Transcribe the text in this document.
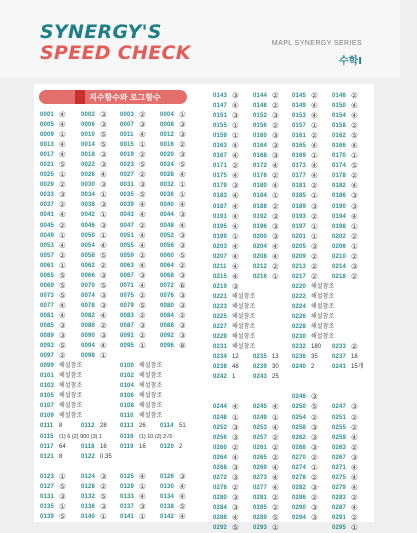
SYNERGY'S
SPEED CHECK	MAPL SYNERGY SERIES
수학Ⅰ
지수함수와 로그함수
0001 ④
0005 ④
0009 ①
0013 ④
0017 ④
0021 ⑤
0025 ①
0029 ②
0033 ③
0037 ②
0041 ④
0045 ②
0049 ①
0053 ④
0057 ②
0061 ①
0065 ⑤
0069 ⑤
0073 ⑤
0077 ④
0081 ④
0085 ③
0089 ③
0093 ⑤
0097 ②
0099 해설참조
0101 해설참조
0103 해설참조
0105 해설참조
0107 해설참조
0109 해설참조
0111 8
0115 (1) 6 (2) 900 (3) 1
0117 64
0121 8
0123 ①
0127 ⑤
0131 ③
0135 ①
0139 ⑤
0002 ③
0006 ③
0010 ⑤
0014 ⑤
0018 ③
0022 ③
0026 ④
0030 ③
0034 ①
0038 ③
0042 ①
0046 ③
0050 ①
0054 ④
0058 ⑤
0062 ②
0066 ③
0070 ⑤
0074 ③
0078 ③
0082 ④
0086 ②
0090 ③
0094 ④
0098 ①
0112 28
0118 16
0122 0.35
0124 ③
0128 ②
0132 ⑤
0136 ③
0140 ①
0003 ②
0007 ③
0011 ④
0015 ①
0019 ②
0023 ⑤
0027 ②
0031 ③
0035 ⑤
0039 ④
0043 ④
0047 ②
0051 ④
0055 ④
0059 ②
0063 ④
0067 ③
0071 ④
0075 ②
0079 ⑤
0083 ②
0087 ③
0091 ②
0095 ①
0100 해설참조
0102 해설참조
0104 해설참조
0106 해설참조
0108 해설참조
0110 해설참조
0113 26
0116 (1) 10 (2) 2√5
0119 16
0125 ④
0129 ①
0133 ④
0137 ③
0141 ①
0004 ①
0008 ③
0012 ③
0016 ②
0020 ③
0024 ⑤
0028 ④
0032 ①
0036 ①
0040 ④
0044 ③
0048 ④
0052 ③
0056 ③
0060 ⑤
0064 ②
0068 ③
0072 ⑥
0076 ③
0080 ③
0084 ②
0088 ③
0092 ③
0096 ⑧
0114 51
0120 2
0126 ③
0130 ④
0134 ④
0138 ⑤
0142 ④
0143 ③
0147 ④
0151 ③
0155 ①
0159 ①
0163 ④
0167 ④
0171 ②
0175 ④
0179 ③
0183 ④
0187 ④
0191 ④
0195 ④
0199 ①
0203 ④
0207 ④
0211 ④
0215 ④
0219 ③
0221 해설참조
0223 해설참조
0225 해설참조
0227 해설참조
0229 해설참조
0231 해설참조
0234 12
0238 48
0242 1
0244 ④
0248 ①
0252 ③
0256 ③
0260 ②
0264 ④
0268 ③
0272 ③
0276 ②
0280 ③
0284 ③
0288 ④
0292 ⑤
0144 ②
0148 ②
0152 ③
0156 ②
0160 ③
0164 ③
0168 ③
0172 ④
0176 ②
0180 ④
0184 ①
0188 ②
0192 ③
0196 ③
0200 ③
0204 ④
0208 ④
0212 ②
0216 ①
0235 13
0239 30
0243 25
0245 ④
0249 ①
0253 ④
0257 ②
0261 ②
0265 ②
0269 ④
0273 ④
0277 ④
0281 ②
0285 ②
0289 ⑤
0293 ①
0145 ②
0149 ④
0153 ④
0157 ①
0161 ②
0165 ④
0169 ①
0173 ④
0177 ④
0181 ②
0185 ①
0189 ③
0193 ②
0197 ①
0201 ①
0205 ③
0209 ②
0213 ②
0217 ②
0220 해설참조
0222 해설참조
0224 해설참조
0226 해설참조
0228 해설참조
0230 해설참조
0232 180
0236 35
0240 2
0246 ③
0250 ⑤
0254 ②
0258 ③
0262 ③
0266 ③
0270 ②
0274 ①
0278 ②
0282 ③
0286 ②
0290 ③
0294 ③
0146 ②
0150 ④
0154 ④
0158 ②
0162 ⑤
0166 ④
0170 ①
0174 ⑤
0178 ②
0182 ④
0186 ③
0190 ③
0194 ④
0198 ①
0202 ②
0206 ①
0210 ②
0214 ③
0218 ②
0233 ②
0237 18
0241 15개
0247 ③
0251 ②
0255 ②
0259 ④
0263 ②
0267 ③
0271 ④
0275 ④
0279 ④
0283 ②
0287 ④
0291 ②
0295 ①
